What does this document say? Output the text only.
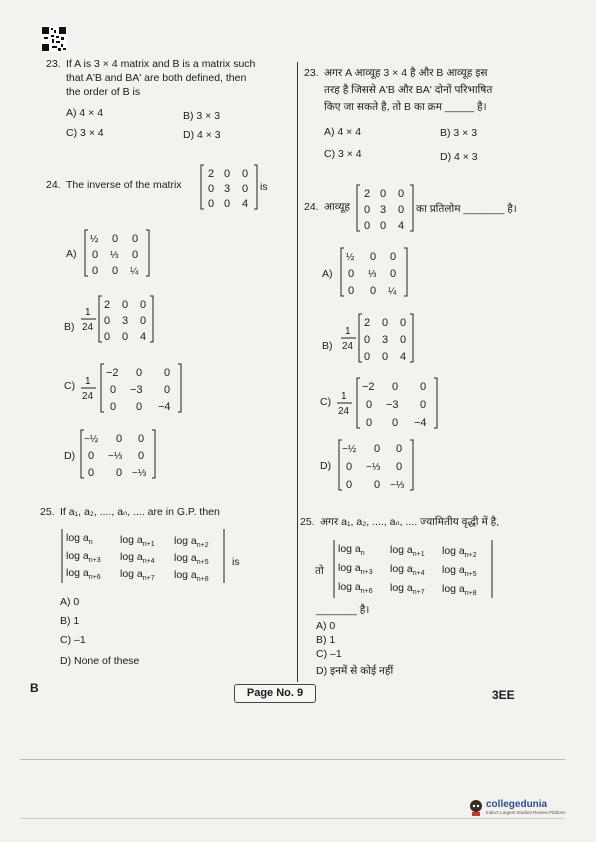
23. If A is 3 × 4 matrix and B is a matrix such
that A'B and BA' are both defined, then
the order of B is
A) 4 × 4	B) 3 × 3
C) 3 × 4	D) 4 × 3
24. The inverse of the matrix
2 0 0
0 3 0
0 0 4
is
A)
½ 0 0
0 ⅓ 0
0 0 ¼
B)
1
24
2 0 0
0 3 0
0 0 4
C) 1
24
−2 0 0
0 −3 0
0 0 −4
D)
−½ 0 0
0 −⅓ 0
0 0 −⅓
25. If a₁, a₂, ...., aₙ, .... are in G.P. then
$\log a_n$	$\log a_{n+1}$ $\log a_{n+2}$
$\log a_{n+3}$ $\log a_{n+4}$ $\log a_{n+5}$
$\log a_{n+6}$ $\log a_{n+7}$ $\log a_{n+8}$
is
A) 0
B) 1
C) –1
D) None of these
23. अगर A आव्यूह 3 × 4 है और B आव्यूह इस
तरह है जिससे A'B और BA' दोनों परिभाषित
किए जा सकते है, तो B का क्रम _____ है।
A) 4 × 4	B) 3 × 3
C) 3 × 4	D) 4 × 3
24. आव्यूह
2 0 0
0 3 0
0 0 4
का प्रतिलोम _______ है।
A)
½ 0 0
0 ⅓ 0
0 0 ¼
B)
1
24
2 0 0
0 3 0
0 0 4
C) 1
24
−2 0 0
0 −3 0
0 0 −4
D)
−½ 0 0
0 −⅓ 0
0 0 −⅓
25. अगर a₁, a₂, ...., aₙ, .... ज्यामितीय वृद्धी में है,
तो
$\log a_n$ $\log a_{n+1}$ $\log a_{n+2}$
$\log a_{n+3}$ $\log a_{n+4}$ $\log a_{n+5}$
$\log a_{n+6}$ $\log a_{n+7}$ $\log a_{n+8}$
_______ है।
A) 0
B) 1
C) –1
D) इनमें से कोई नहीं
B	Page No. 9	3EE
collegedunia
India's Largest Student Review Platform
